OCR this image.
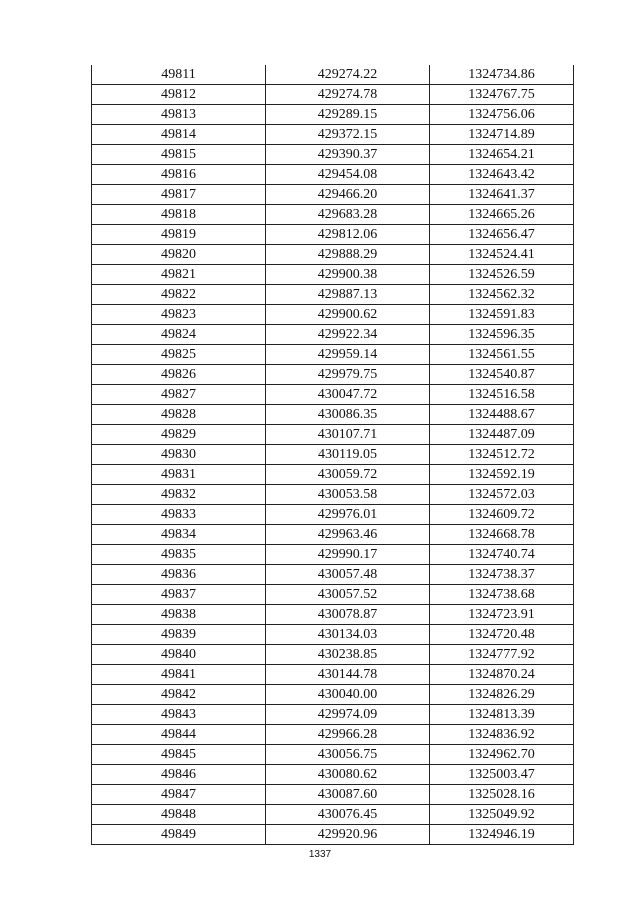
49811	429274.22	1324734.86
49812	429274.78	1324767.75
49813	429289.15	1324756.06
49814	429372.15	1324714.89
49815	429390.37	1324654.21
49816	429454.08	1324643.42
49817	429466.20	1324641.37
49818	429683.28	1324665.26
49819	429812.06	1324656.47
49820	429888.29	1324524.41
49821	429900.38	1324526.59
49822	429887.13	1324562.32
49823	429900.62	1324591.83
49824	429922.34	1324596.35
49825	429959.14	1324561.55
49826	429979.75	1324540.87
49827	430047.72	1324516.58
49828	430086.35	1324488.67
49829	430107.71	1324487.09
49830	430119.05	1324512.72
49831	430059.72	1324592.19
49832	430053.58	1324572.03
49833	429976.01	1324609.72
49834	429963.46	1324668.78
49835	429990.17	1324740.74
49836	430057.48	1324738.37
49837	430057.52	1324738.68
49838	430078.87	1324723.91
49839	430134.03	1324720.48
49840	430238.85	1324777.92
49841	430144.78	1324870.24
49842	430040.00	1324826.29
49843	429974.09	1324813.39
49844	429966.28	1324836.92
49845	430056.75	1324962.70
49846	430080.62	1325003.47
49847	430087.60	1325028.16
49848	430076.45	1325049.92
49849	429920.96	1324946.19
1337
